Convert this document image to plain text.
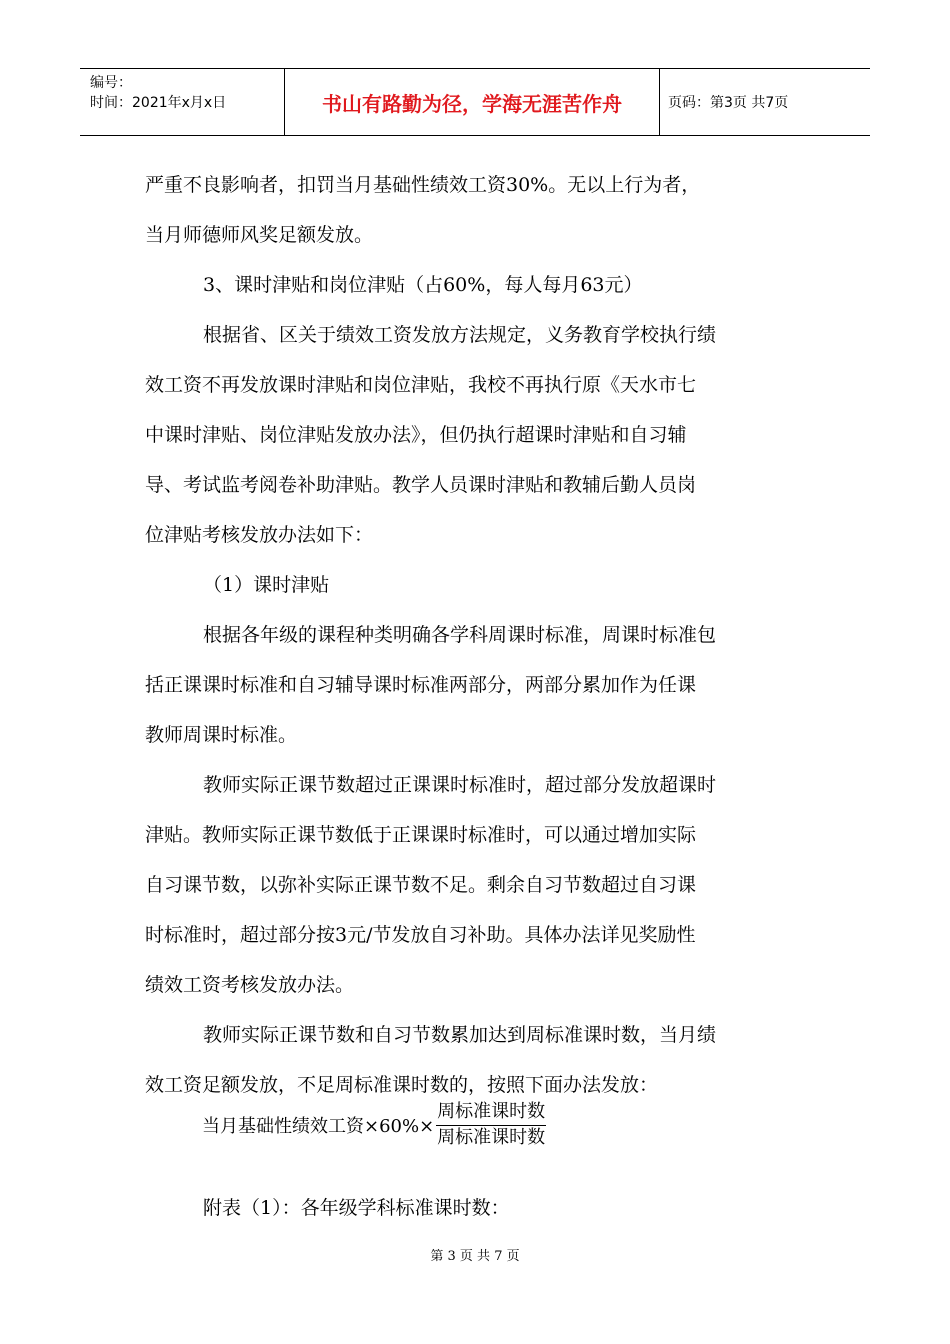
编号：
时间：2021年x月x日	书山有路勤为径，学海无涯苦作舟	页码：第3页 共7页
严重不良影响者，扣罚当月基础性绩效工资30%。无以上行为者，
当月师德师风奖足额发放。
3、课时津贴和岗位津贴（占60%，每人每月63元）
根据省、区关于绩效工资发放方法规定，义务教育学校执行绩
效工资不再发放课时津贴和岗位津贴，我校不再执行原《天水市七
中课时津贴、岗位津贴发放办法》，但仍执行超课时津贴和自习辅
导、考试监考阅卷补助津贴。教学人员课时津贴和教辅后勤人员岗
位津贴考核发放办法如下：
（1）课时津贴
根据各年级的课程种类明确各学科周课时标准，周课时标准包
括正课课时标准和自习辅导课时标准两部分，两部分累加作为任课
教师周课时标准。
教师实际正课节数超过正课课时标准时，超过部分发放超课时
津贴。教师实际正课节数低于正课课时标准时，可以通过增加实际
自习课节数，以弥补实际正课节数不足。剩余自习节数超过自习课
时标准时，超过部分按3元/节发放自习补助。具体办法详见奖励性
绩效工资考核发放办法。
教师实际正课节数和自习节数累加达到周标准课时数，当月绩
效工资足额发放，不足周标准课时数的，按照下面办法发放：
当月基础性绩效工资$\times 60\%\times \frac{\text{周标准课时数}}{\text{周标准课时数}}$
附表（1）：各年级学科标准课时数：
第 3 页 共 7 页
